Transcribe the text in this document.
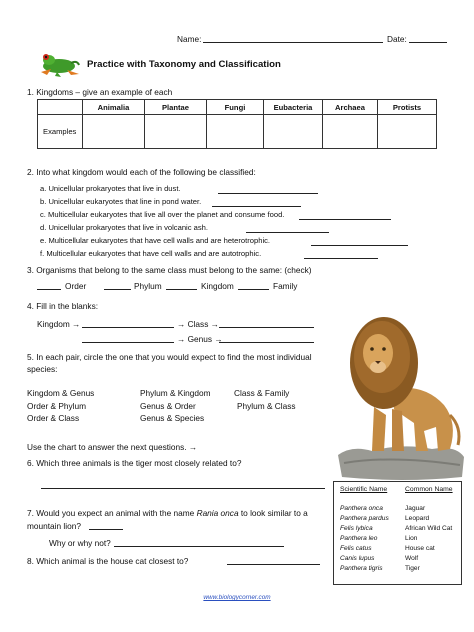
Name:	Date:
Practice with Taxonomy and Classification
1. Kingdoms – give an example of each
	Animalia	Plantae	Fungi	Eubacteria	Archaea	Protists
Examples						
2. Into what kingdom would each of the following be classified:
a. Unicellular prokaryotes that live in dust.
b. Unicellular eukaryotes that line in pond water.
c. Multicellular eukaryotes that live all over the planet and consume food.
d. Unicellular prokaryotes that live in volcanic ash.
e. Multicellular eukaryotes that have cell walls and are heterotrophic.
f. Multicellular eukaryotes that have cell walls and are autotrophic.
3. Organisms that belong to the same class must belong to the same: (check)
Order	Phylum	Kingdom	Family
4. Fill in the blanks:
Kingdom →	→ Class →
→ Genus →
5. In each pair, circle the one that you would expect to find the most individual
species:
Kingdom & Genus	Phylum & Kingdom	Class & Family
Order & Phylum	Genus & Order	Phylum & Class
Order & Class	Genus & Species
Use the chart to answer the next questions. →
6. Which three animals is the tiger most closely related to?
7. Would you expect an animal with the name Rania onca to look similar to a
mountain lion?
Why or why not?
8. Which animal is the house cat closest to?
Scientific Name	Common Name
Panthera onca	Jaguar
Panthera pardus Leopard
Felis lybica	African Wild Cat
Panthera leo	Lion
Felis catus	House cat
Canis lupus	Wolf
Panthera tigris	Tiger
www.biologycorner.com
